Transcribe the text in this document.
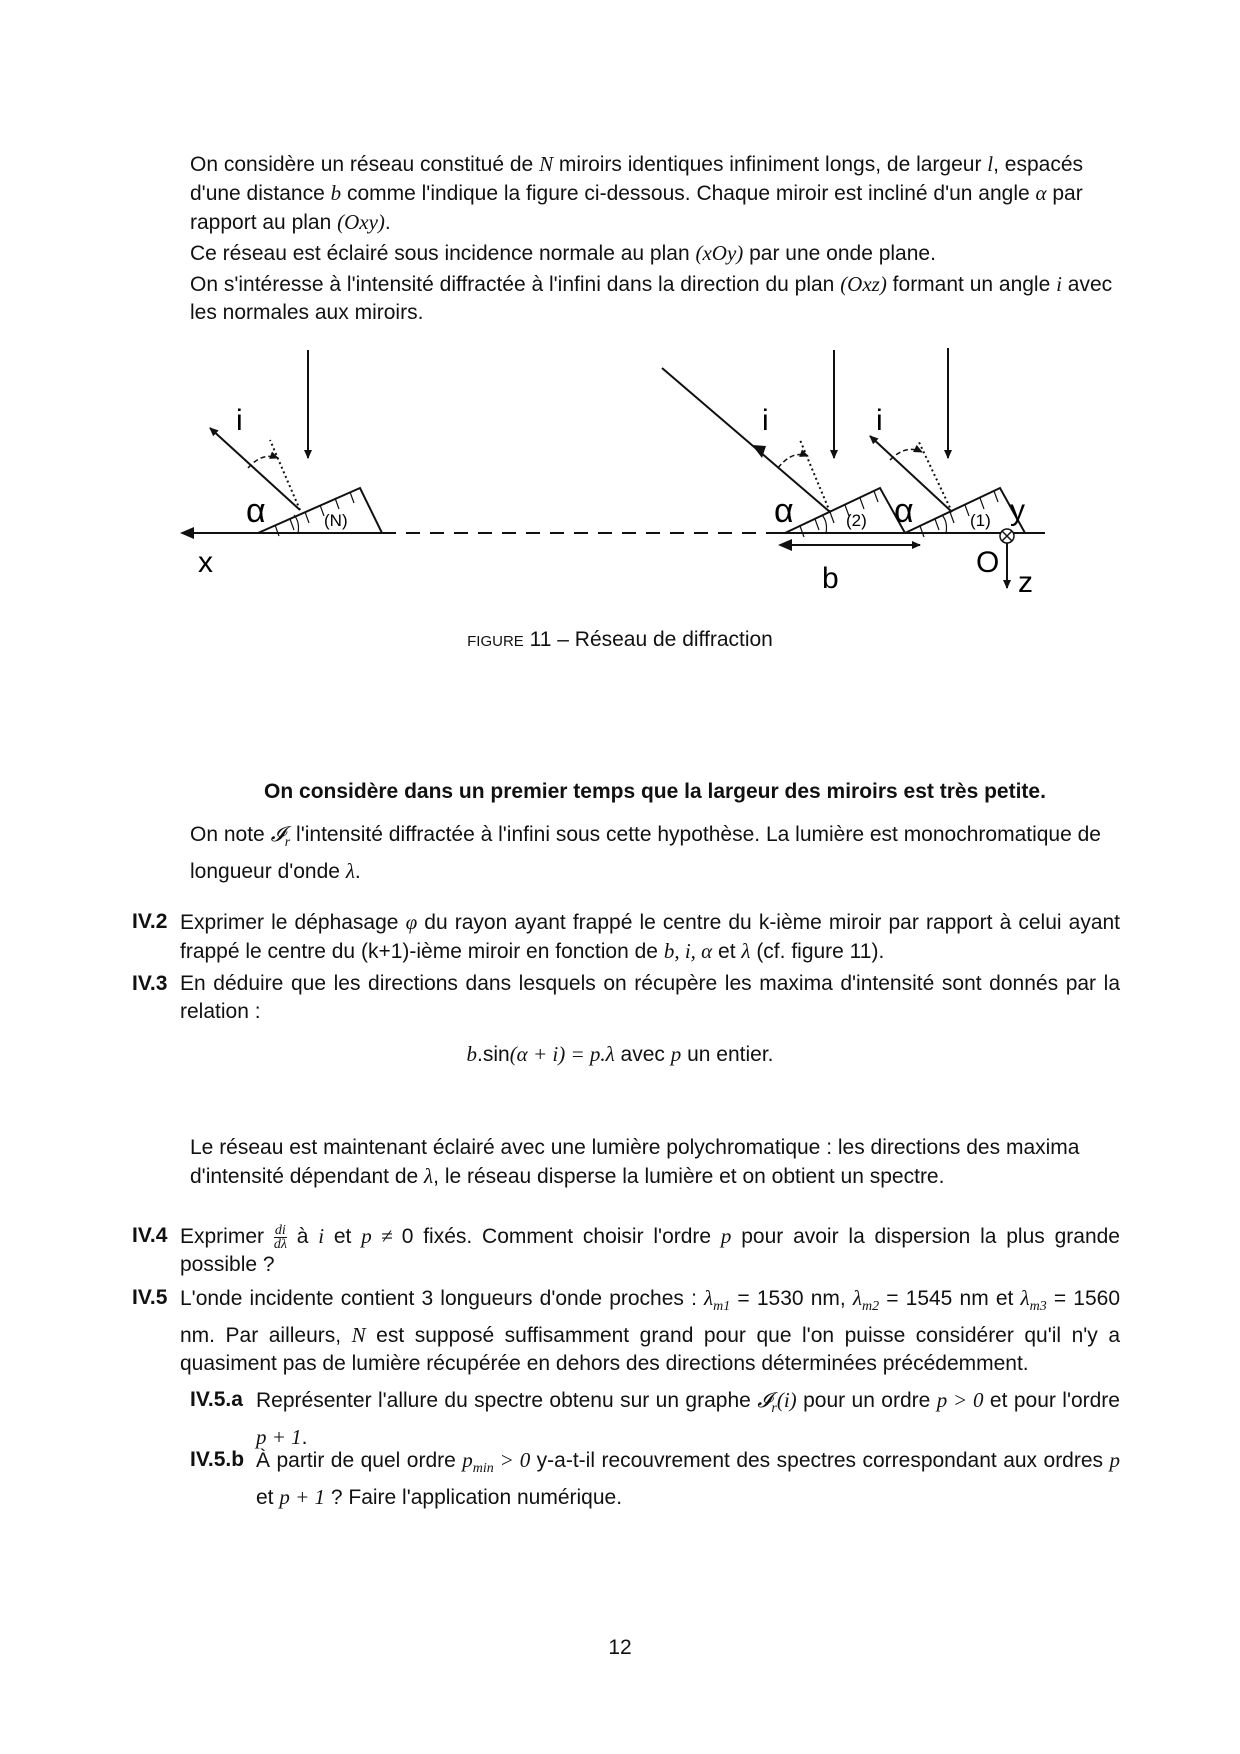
On considère un réseau constitué de N miroirs identiques infiniment longs, de largeur l, espacés d'une distance b comme l'indique la figure ci-dessous. Chaque miroir est incliné d'un angle α par rapport au plan (Oxy).

Ce réseau est éclairé sous incidence normale au plan (xOy) par une onde plane.

On s'intéresse à l'intensité diffractée à l'infini dans la direction du plan (Oxz) formant un angle i avec les normales aux miroirs.

i	i	i
α	α	α
(N)	(2)	(1)
x	b	O
y
z
figure 11 – Réseau de diffraction
On considère dans un premier temps que la largeur des miroirs est très petite.
On note 𝓘$_r$ l'intensité diffractée à l'infini sous cette hypothèse. La lumière est monochromatique de longueur d'onde λ.
IV.2 Exprimer le déphasage φ du rayon ayant frappé le centre du k-ième miroir par rapport à celui ayant frappé le centre du (k+1)-ième miroir en fonction de b, i, α et λ (cf. figure 11).
IV.3 En déduire que les directions dans lesquels on récupère les maxima d'intensité sont donnés par la relation :
b.sin(α + i) = p.λ avec p un entier.
Le réseau est maintenant éclairé avec une lumière polychromatique : les directions des maxima d'intensité dépendant de λ, le réseau disperse la lumière et on obtient un spectre.
IV.4 Exprimer $\frac{di}{d\lambda}$ à i et p ≠ 0 fixés. Comment choisir l'ordre p pour avoir la dispersion la plus grande possible ?
IV.5 L'onde incidente contient 3 longueurs d'onde proches : $\lambda_{m1} = 1530$ nm, $\lambda_{m2} = 1545$ nm et $\lambda_{m3} = 1560$ nm. Par ailleurs, N est supposé suffisamment grand pour que l'on puisse considérer qu'il n'y a quasiment pas de lumière récupérée en dehors des directions déterminées précédemment.
IV.5.a Représenter l'allure du spectre obtenu sur un graphe 𝓘$_r$(i) pour un ordre p > 0 et pour l'ordre p + 1.
IV.5.b À partir de quel ordre $p_{min} > 0$ y-a-t-il recouvrement des spectres correspondant aux ordres p et p + 1 ? Faire l'application numérique.
12
